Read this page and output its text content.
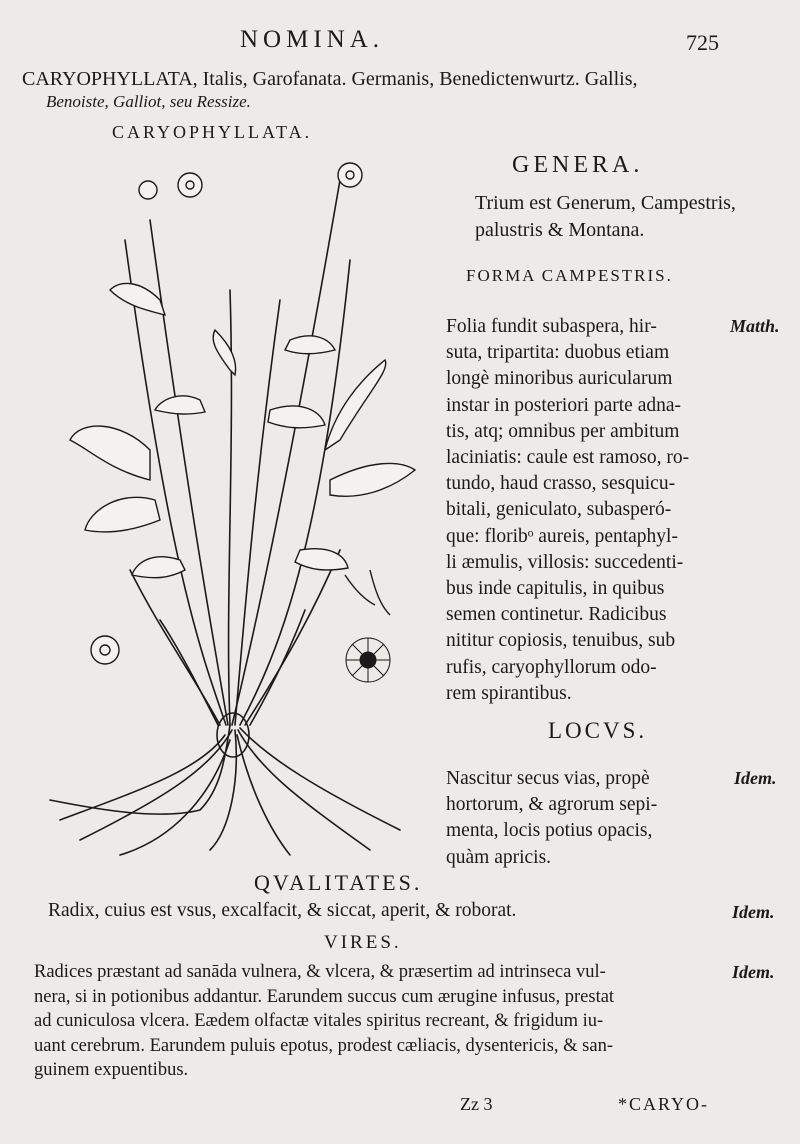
NOMINA.	725
CARYOPHYLLATA, Italis, Garofanata. Germanis, Benedictenwurtz. Gallis,
Benoiste, Galliot, seu Ressize.
CARYOPHYLLATA.
GENERA.
Trium est Generum, Campestris, palustris & Montana.
FORMA CAMPESTRIS.
Folia fundit subaspera, hir-
suta, tripartita: duobus etiam
longè minoribus auricularum
instar in posteriori parte adna-
tis, atq; omnibus per ambitum
laciniatis: caule est ramoso, ro-
tundo, haud crasso, sesquicu-
bitali, geniculato, subasperó-
que: floribᵒ aureis, pentaphyl-
li æmulis, villosis: succedenti-
bus inde capitulis, in quibus
semen continetur. Radicibus
nititur copiosis, tenuibus, sub
rufis, caryophyllorum odo-
rem spirantibus.
Matth.
LOCVS.
Nascitur secus vias, propè
hortorum, & agrorum sepi-
menta, locis potius opacis,
quàm apricis.
Idem.
QVALITATES.
Radix, cuius est vsus, excalfacit, & siccat, aperit, & roborat.	Idem.
VIRES.
Radices præstant ad sanāda vulnera, & vlcera, & præsertim ad intrinseca vul-
nera, si in potionibus addantur. Earundem succus cum ærugine infusus, prestat
ad cuniculosa vlcera. Eædem olfactæ vitales spiritus recreant, & frigidum iu-
uant cerebrum. Earundem puluis epotus, prodest cæliacis, dysentericis, & san-
guinem expuentibus.
Idem.
Zz 3	*CARYO-
